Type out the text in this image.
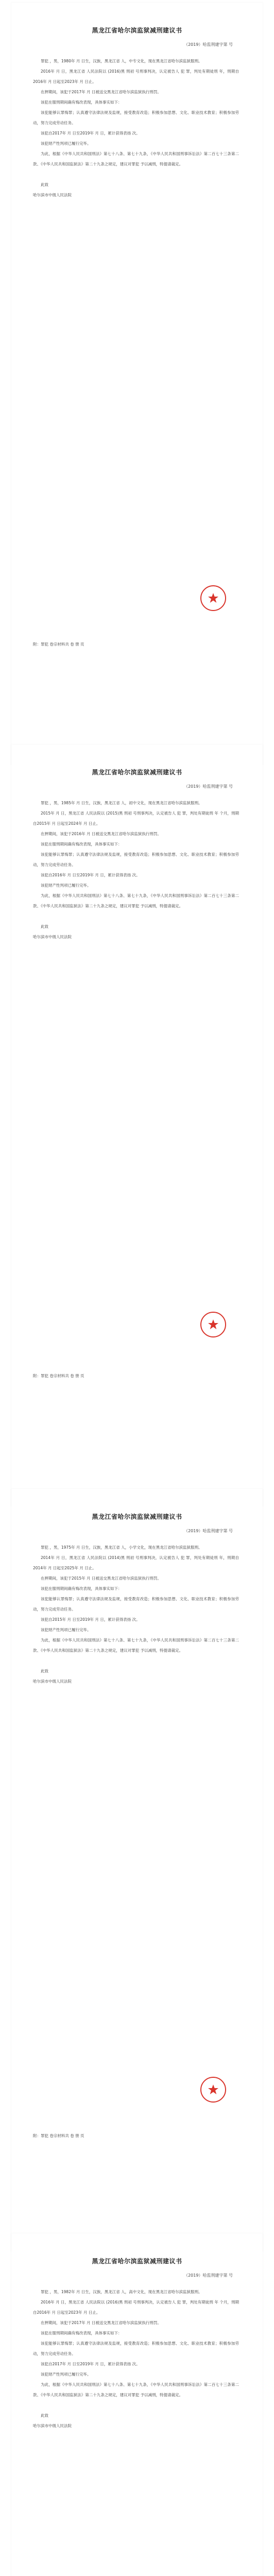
黑龙江省哈尔滨监狱减刑建议书
（2019）哈监刑建字第 号

罪犯 ，男，1980年 月 日生，汉族，黑龙江省 人，中专文化，现在黑龙江省哈尔滨监狱服刑。

2016年 月 日，黑龙江省 人民法院以 (2016)黑 刑初 号刑事判决，认定被告人 犯 罪，判处有期徒刑 年，刑期自2016年 月 日起至2023年 月 日止。

在押期间，该犯于2017年 月 日被送交黑龙江省哈尔滨监狱执行刑罚。

该犯在服刑期间确有悔改表现，具体事实如下：

该犯能够认罪悔罪；认真遵守法律法规及监规，接受教育改造；积极参加思想、文化、职业技术教育；积极参加劳动，努力完成劳动任务。

该犯自2017年 月 日至2019年 月 日，累计获得表扬 次。

该犯财产性判项已履行完毕。

为此，根据《中华人民共和国刑法》第七十八条、第七十九条，《中华人民共和国刑事诉讼法》第二百七十三条第二款、《中华人民共和国监狱法》第二十九条之规定，建议对罪犯 予以减刑，特提请裁定。

此致

哈尔滨市中级人民法院

附：罪犯 卷宗材料共 卷 册 页
黑龙江省哈尔滨监狱减刑建议书
（2019）哈监刑建字第 号

罪犯 ，男，1985年 月 日生，汉族，黑龙江省 人，初中文化，现在黑龙江省哈尔滨监狱服刑。

2015年 月 日，黑龙江省 人民法院以 (2015)黑 刑初 号刑事判决，认定被告人 犯 罪，判处有期徒刑 年 个月，刑期自2015年 月 日起至2024年 月 日止。

在押期间，该犯于2016年 月 日被送交黑龙江省哈尔滨监狱执行刑罚。

该犯在服刑期间确有悔改表现，具体事实如下：

该犯能够认罪悔罪；认真遵守法律法规及监规，接受教育改造；积极参加思想、文化、职业技术教育；积极参加劳动，努力完成劳动任务。

该犯自2016年 月 日至2019年 月 日，累计获得表扬 次。

该犯财产性判项已履行完毕。

为此，根据《中华人民共和国刑法》第七十八条、第七十九条，《中华人民共和国刑事诉讼法》第二百七十三条第二款、《中华人民共和国监狱法》第二十九条之规定，建议对罪犯 予以减刑，特提请裁定。

此致

哈尔滨市中级人民法院

附：罪犯 卷宗材料共 卷 册 页
黑龙江省哈尔滨监狱减刑建议书
（2019）哈监刑建字第 号

罪犯 ，男，1975年 月 日生，汉族，黑龙江省 人，小学文化，现在黑龙江省哈尔滨监狱服刑。

2014年 月 日，黑龙江省 人民法院以 (2014)黑 刑初 号刑事判决，认定被告人 犯 罪，判处有期徒刑 年，刑期自2014年 月 日起至2025年 月 日止。

在押期间，该犯于2015年 月 日被送交黑龙江省哈尔滨监狱执行刑罚。

该犯在服刑期间确有悔改表现，具体事实如下：

该犯能够认罪悔罪；认真遵守法律法规及监规，接受教育改造；积极参加思想、文化、职业技术教育；积极参加劳动，努力完成劳动任务。

该犯自2015年 月 日至2019年 月 日，累计获得表扬 次。

该犯财产性判项已履行完毕。

为此，根据《中华人民共和国刑法》第七十八条、第七十九条，《中华人民共和国刑事诉讼法》第二百七十三条第二款、《中华人民共和国监狱法》第二十九条之规定，建议对罪犯 予以减刑，特提请裁定。

此致

哈尔滨市中级人民法院

附：罪犯 卷宗材料共 卷 册 页
黑龙江省哈尔滨监狱减刑建议书
（2019）哈监刑建字第 号

罪犯 ，男，1982年 月 日生，汉族，黑龙江省 人，高中文化，现在黑龙江省哈尔滨监狱服刑。

2016年 月 日，黑龙江省 人民法院以 (2016)黑 刑初 号刑事判决，认定被告人 犯 罪，判处有期徒刑 年 个月，刑期自2016年 月 日起至2023年 月 日止。

在押期间，该犯于2017年 月 日被送交黑龙江省哈尔滨监狱执行刑罚。

该犯在服刑期间确有悔改表现，具体事实如下：

该犯能够认罪悔罪；认真遵守法律法规及监规，接受教育改造；积极参加思想、文化、职业技术教育；积极参加劳动，努力完成劳动任务。

该犯自2017年 月 日至2019年 月 日，累计获得表扬 次。

该犯财产性判项已履行完毕。

为此，根据《中华人民共和国刑法》第七十八条、第七十九条，《中华人民共和国刑事诉讼法》第二百七十三条第二款、《中华人民共和国监狱法》第二十九条之规定，建议对罪犯 予以减刑，特提请裁定。

此致

哈尔滨市中级人民法院
